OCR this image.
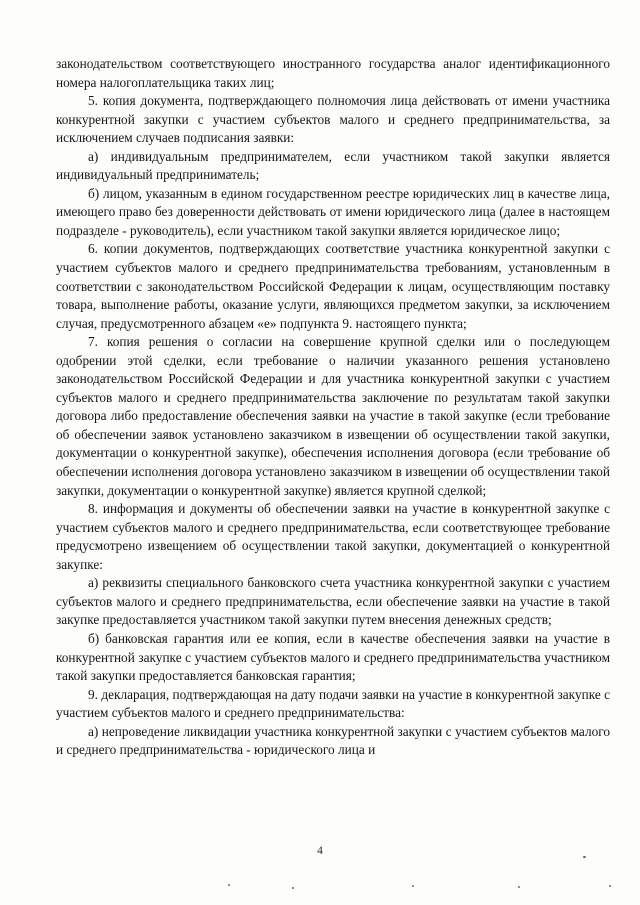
законодательством соответствующего иностранного государства аналог идентификационного номера налогоплательщика таких лиц;

5. копия документа, подтверждающего полномочия лица действовать от имени участника конкурентной закупки с участием субъектов малого и среднего предпринимательства, за исключением случаев подписания заявки:

а) индивидуальным предпринимателем, если участником такой закупки является индивидуальный предприниматель;

б) лицом, указанным в едином государственном реестре юридических лиц в качестве лица, имеющего право без доверенности действовать от имени юридического лица (далее в настоящем подразделе - руководитель), если участником такой закупки является юридическое лицо;

6. копии документов, подтверждающих соответствие участника конкурентной закупки с участием субъектов малого и среднего предпринимательства требованиям, установленным в соответствии с законодательством Российской Федерации к лицам, осуществляющим поставку товара, выполнение работы, оказание услуги, являющихся предметом закупки, за исключением случая, предусмотренного абзацем «е» подпункта 9. настоящего пункта;

7. копия решения о согласии на совершение крупной сделки или о последующем одобрении этой сделки, если требование о наличии указанного решения установлено законодательством Российской Федерации и для участника конкурентной закупки с участием субъектов малого и среднего предпринимательства заключение по результатам такой закупки договора либо предоставление обеспечения заявки на участие в такой закупке (если требование об обеспечении заявок установлено заказчиком в извещении об осуществлении такой закупки, документации о конкурентной закупке), обеспечения исполнения договора (если требование об обеспечении исполнения договора установлено заказчиком в извещении об осуществлении такой закупки, документации о конкурентной закупке) является крупной сделкой;

8. информация и документы об обеспечении заявки на участие в конкурентной закупке с участием субъектов малого и среднего предпринимательства, если соответствующее требование предусмотрено извещением об осуществлении такой закупки, документацией о конкурентной закупке:

а) реквизиты специального банковского счета участника конкурентной закупки с участием субъектов малого и среднего предпринимательства, если обеспечение заявки на участие в такой закупке предоставляется участником такой закупки путем внесения денежных средств;

б) банковская гарантия или ее копия, если в качестве обеспечения заявки на участие в конкурентной закупке с участием субъектов малого и среднего предпринимательства участником такой закупки предоставляется банковская гарантия;

9. декларация, подтверждающая на дату подачи заявки на участие в конкурентной закупке с участием субъектов малого и среднего предпринимательства:

а) непроведение ликвидации участника конкурентной закупки с участием субъектов малого и среднего предпринимательства - юридического лица и

4
